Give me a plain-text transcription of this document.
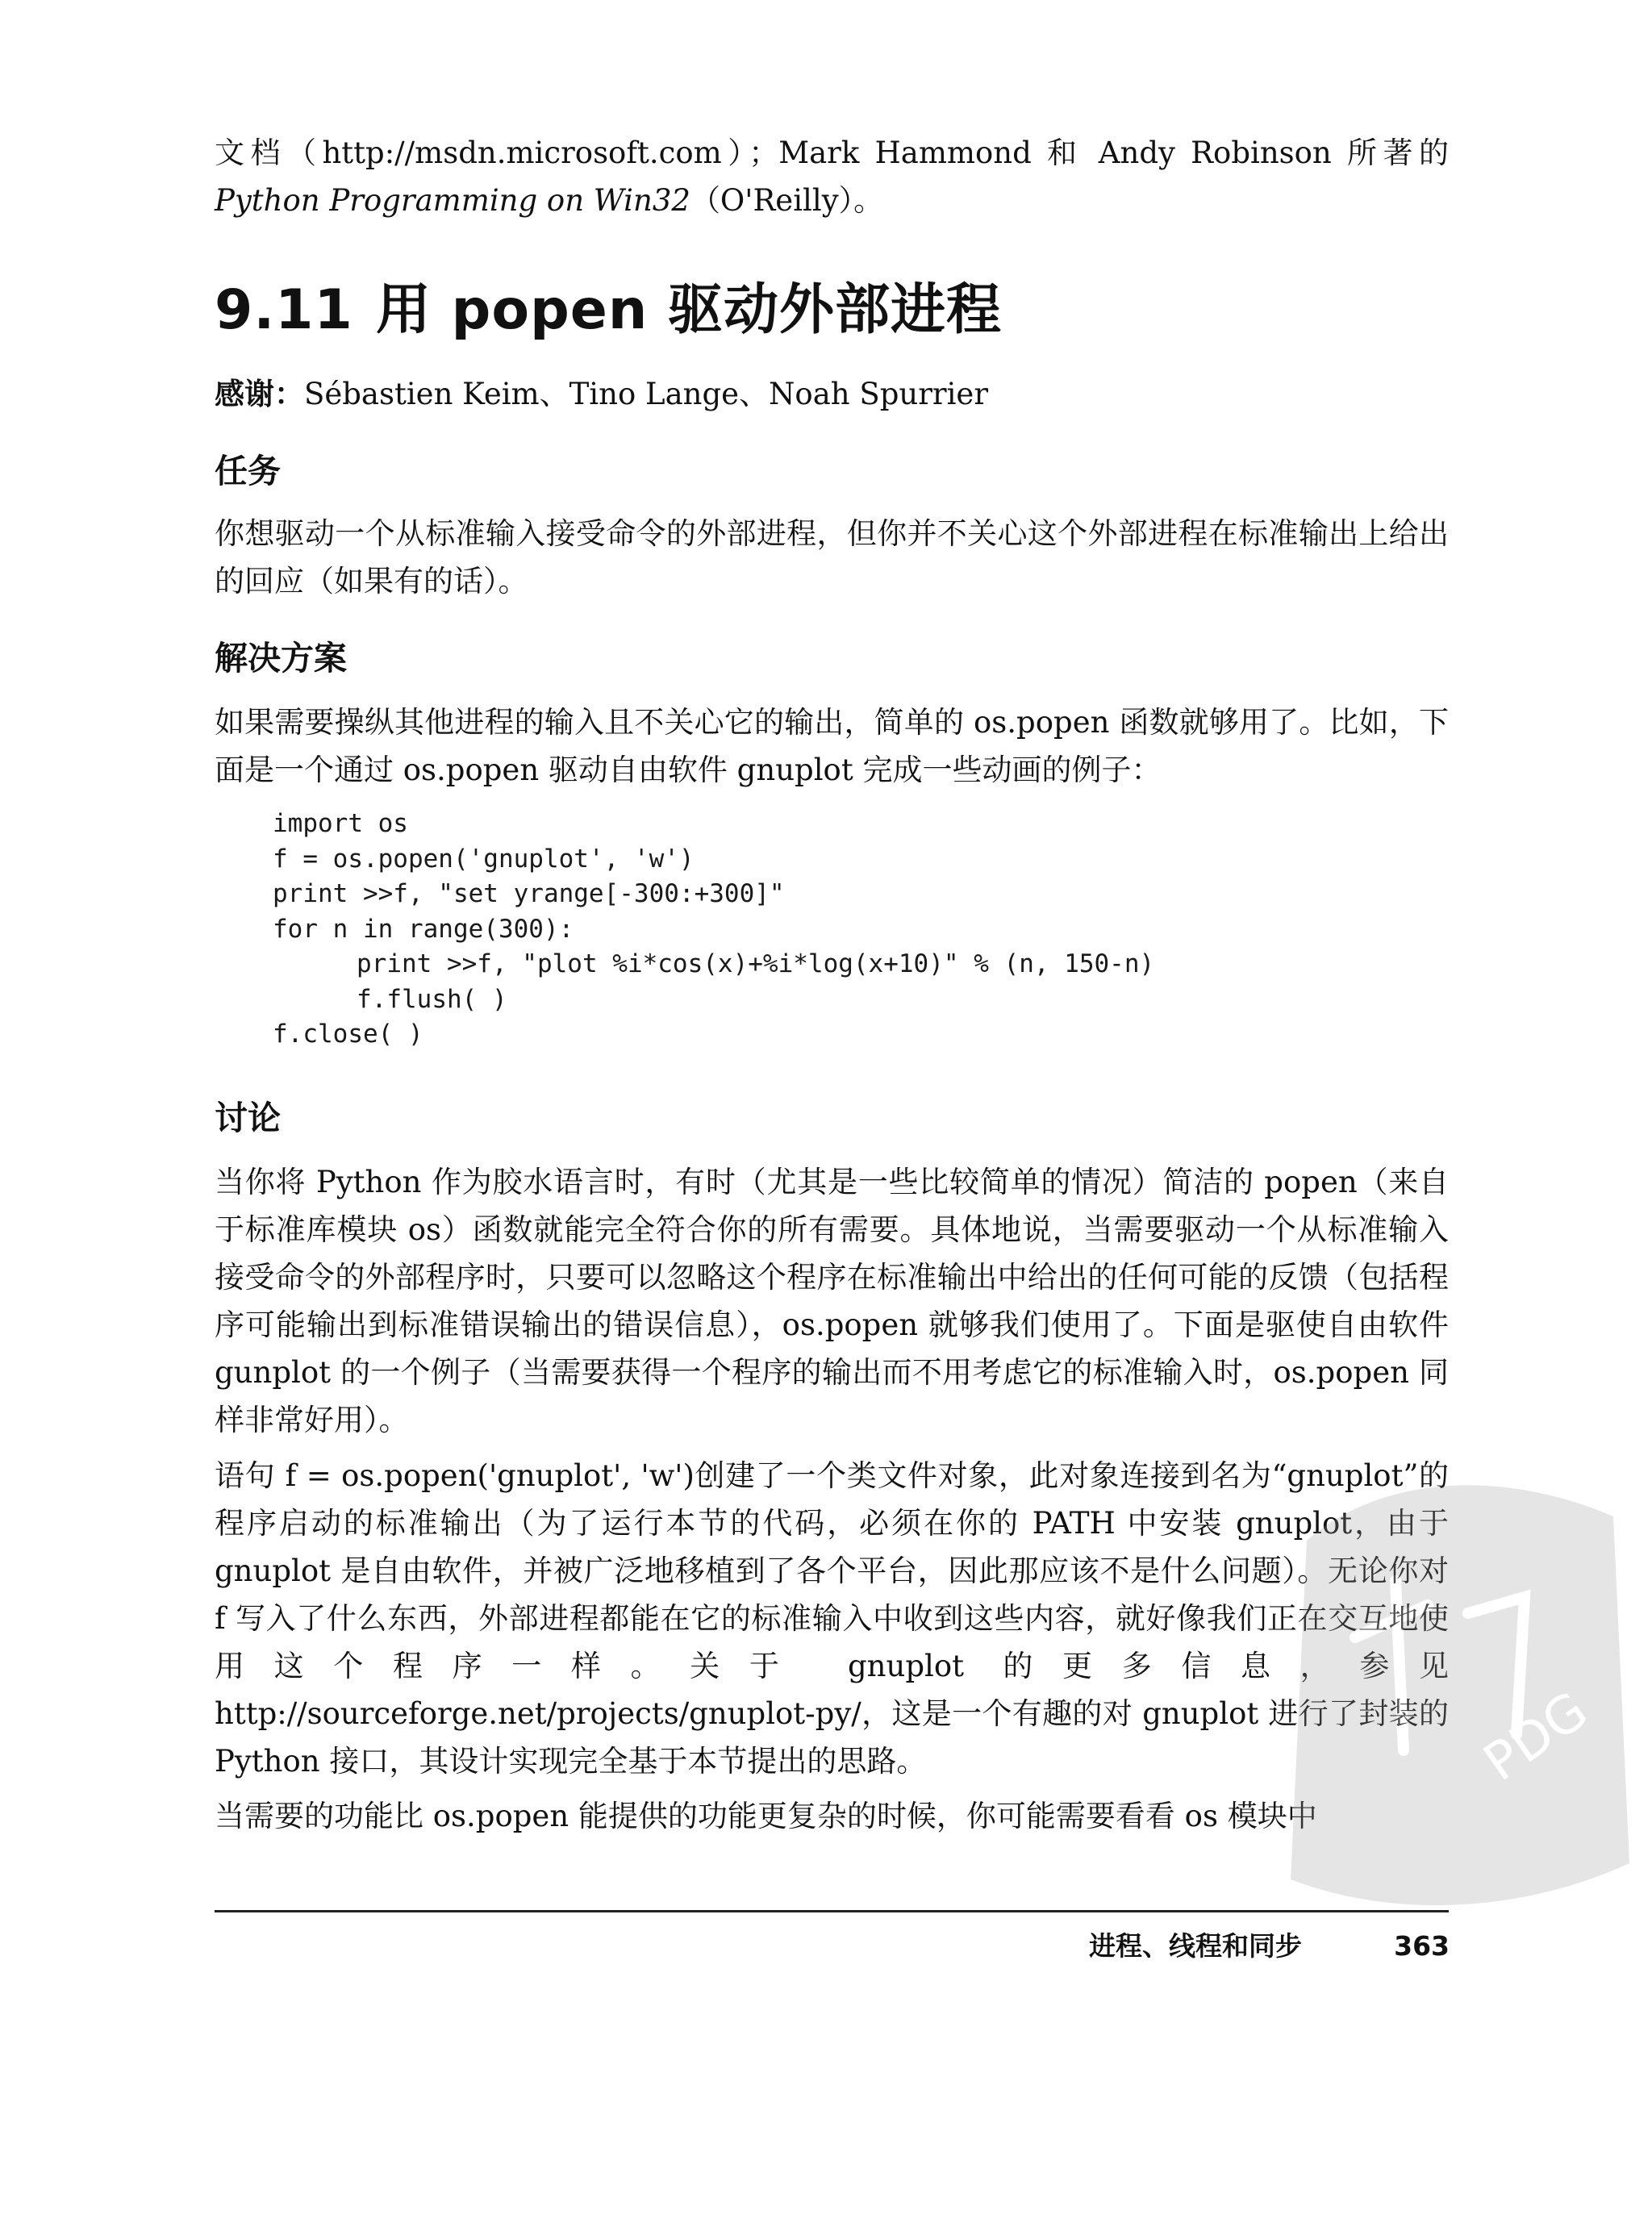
文档（http://msdn.microsoft.com）；Mark Hammond 和 Andy Robinson 所著的 Python Programming on Win32（O'Reilly）。

9.11 用 popen 驱动外部进程
感谢：Sébastien Keim、Tino Lange、Noah Spurrier
任务

你想驱动一个从标准输入接受命令的外部进程，但你并不关心这个外部进程在标准输出上给出的回应（如果有的话）。

解决方案

如果需要操纵其他进程的输入且不关心它的输出，简单的 os.popen 函数就够用了。比如，下面是一个通过 os.popen 驱动自由软件 gnuplot 完成一些动画的例子：

import os
f = os.popen('gnuplot', 'w')
print >>f, "set yrange[-300:+300]"
for n in range(300):
print >>f, "plot %i*cos(x)+%i*log(x+10)" % (n, 150-n)
f.flush( )
f.close( )
讨论

当你将 Python 作为胶水语言时，有时（尤其是一些比较简单的情况）简洁的 popen（来自于标准库模块 os）函数就能完全符合你的所有需要。具体地说，当需要驱动一个从标准输入接受命令的外部程序时，只要可以忽略这个程序在标准输出中给出的任何可能的反馈（包括程序可能输出到标准错误输出的错误信息），os.popen 就够我们使用了。下面是驱使自由软件 gunplot 的一个例子（当需要获得一个程序的输出而不用考虑它的标准输入时，os.popen 同样非常好用）。

语句 f = os.popen('gnuplot', 'w')创建了一个类文件对象，此对象连接到名为“gnuplot”的程序启动的标准输出（为了运行本节的代码，必须在你的 PATH 中安装 gnuplot，由于 gnuplot 是自由软件，并被广泛地移植到了各个平台，因此那应该不是什么问题）。无论你对 f 写入了什么东西，外部进程都能在它的标准输入中收到这些内容，就好像我们正在交互地使用这个程序一样。关于 gnuplot 的更多信息，参见 http://sourceforge.net/projects/gnuplot-py/，这是一个有趣的对 gnuplot 进行了封装的 Python 接口，其设计实现完全基于本节提出的思路。

当需要的功能比 os.popen 能提供的功能更复杂的时候，你可能需要看看 os 模块中

进程、线程和同步	363
PDG
